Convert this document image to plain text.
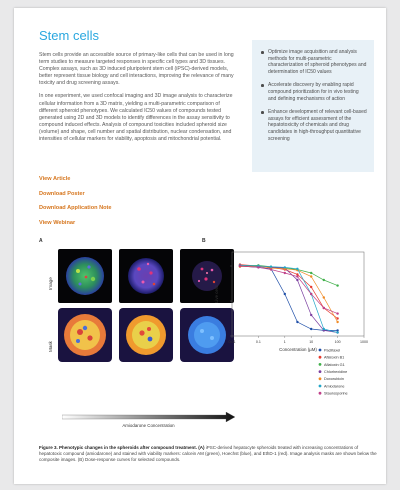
Stem cells

Stem cells provide an accessible source of primary-like cells that can be used in long term studies to measure targeted responses in specific cell types and 3D tissues. Complex assays, such as 3D induced pluripotent stem cell (iPSC)-derived models, better represent tissue biology and cell interactions, improving the relevance of many toxicity and drug screening assays.

In one experiment, we used confocal imaging and 3D image analysis to characterize cellular information from a 3D matrix, yielding a multi-parametric comparison of different spheroid phenotypes. We calculated IC50 values of compounds tested generated using 2D and 3D models to identify differences in the assay sensitivity to compound induced effects. Analysis of compound toxicities included spheroid size (volume) and shape, cell number and spatial distribution, nuclear condensation, and intensities of cellular markers for viability, apoptosis and mitochondrial potential.

View Article
Download Poster
Download Application Note
View Webinar
Optimize image acquisition and analysis methods for multi-parametric characterization of spheroid phenotypes and determination of IC50 values
Accelerate discovery by enabling rapid compound prioritization for in vivo testing and defining mechanisms of action
Enhance development of relevant cell-based assays for efficient assessment of the hepatotoxicity of chemicals and drug candidates in high-throughput quantitative screening
A
Image
Mask
Amiodarone Concentration
B
0.01	0.1	1	10	100	1000
Concentration (µM)
Live cells
Paclitaxel
Aflatoxin B1
Aflatoxin G1
Chlorhexidine
Doxorubicin
Amiodarone
Staurosporine
Figure 3. Phenotypic changes in the spheroids after compound treatment. (A) iPSC-derived hepatocyte spheroids treated with increasing concentrations of hepatotoxic compound (amiodarone) and stained with viability markers: calcein AM (green), Hoechst (blue), and EthD-1 (red). Image analysis masks are shown below the composite images. (B) Dose-response curves for selected compounds.
